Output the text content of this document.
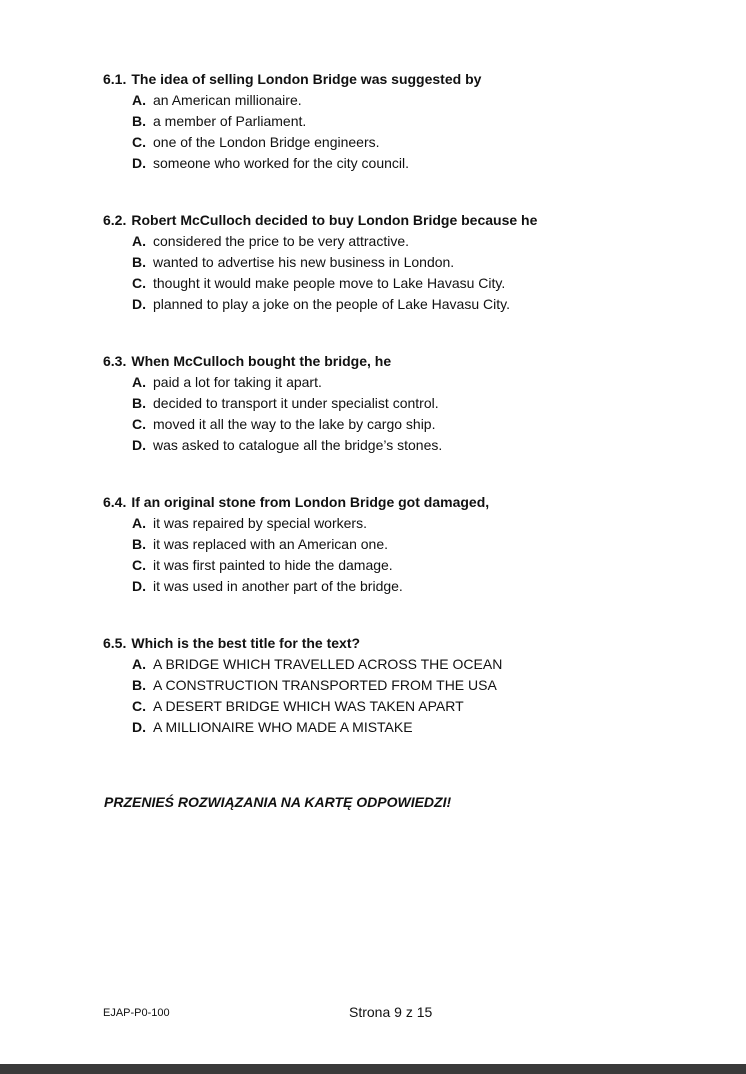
6.1. The idea of selling London Bridge was suggested by
A. an American millionaire.
B. a member of Parliament.
C. one of the London Bridge engineers.
D. someone who worked for the city council.
6.2. Robert McCulloch decided to buy London Bridge because he
A. considered the price to be very attractive.
B. wanted to advertise his new business in London.
C. thought it would make people move to Lake Havasu City.
D. planned to play a joke on the people of Lake Havasu City.
6.3. When McCulloch bought the bridge, he
A. paid a lot for taking it apart.
B. decided to transport it under specialist control.
C. moved it all the way to the lake by cargo ship.
D. was asked to catalogue all the bridge’s stones.
6.4. If an original stone from London Bridge got damaged,
A. it was repaired by special workers.
B. it was replaced with an American one.
C. it was first painted to hide the damage.
D. it was used in another part of the bridge.
6.5. Which is the best title for the text?
A. A BRIDGE WHICH TRAVELLED ACROSS THE OCEAN
B. A CONSTRUCTION TRANSPORTED FROM THE USA
C. A DESERT BRIDGE WHICH WAS TAKEN APART
D. A MILLIONAIRE WHO MADE A MISTAKE
PRZENIEŚ ROZWIĄZANIA NA KARTĘ ODPOWIEDZI!
EJAP-P0-100	Strona 9 z 15
